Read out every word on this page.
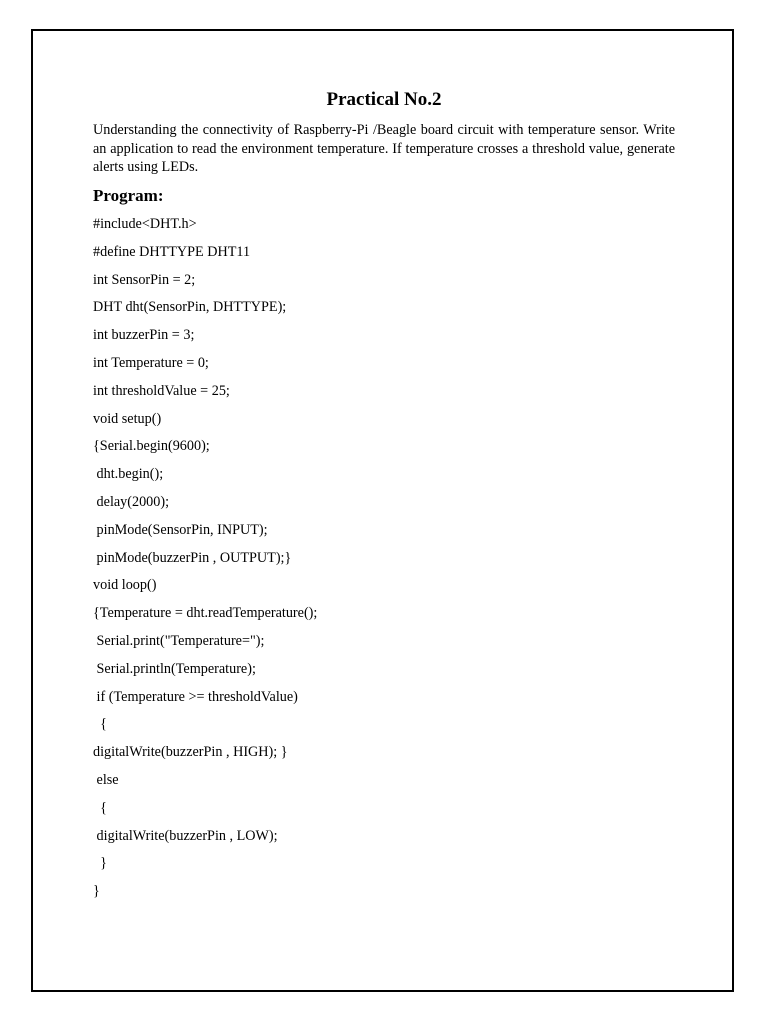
Practical No.2
Understanding the connectivity of Raspberry-Pi /Beagle board circuit with temperature sensor. Write an application to read the environment temperature. If temperature crosses a threshold value, generate alerts using LEDs.
Program:
#include<DHT.h>
#define DHTTYPE DHT11
int SensorPin = 2;
DHT dht(SensorPin, DHTTYPE);
int buzzerPin = 3;
int Temperature = 0;
int thresholdValue = 25;
void setup()
{Serial.begin(9600);
dht.begin();
delay(2000);
pinMode(SensorPin, INPUT);
pinMode(buzzerPin , OUTPUT);}
void loop()
{Temperature = dht.readTemperature();
Serial.print("Temperature=");
Serial.println(Temperature);
if (Temperature >= thresholdValue)
{
digitalWrite(buzzerPin , HIGH); }
else
{
digitalWrite(buzzerPin , LOW);
}
}
